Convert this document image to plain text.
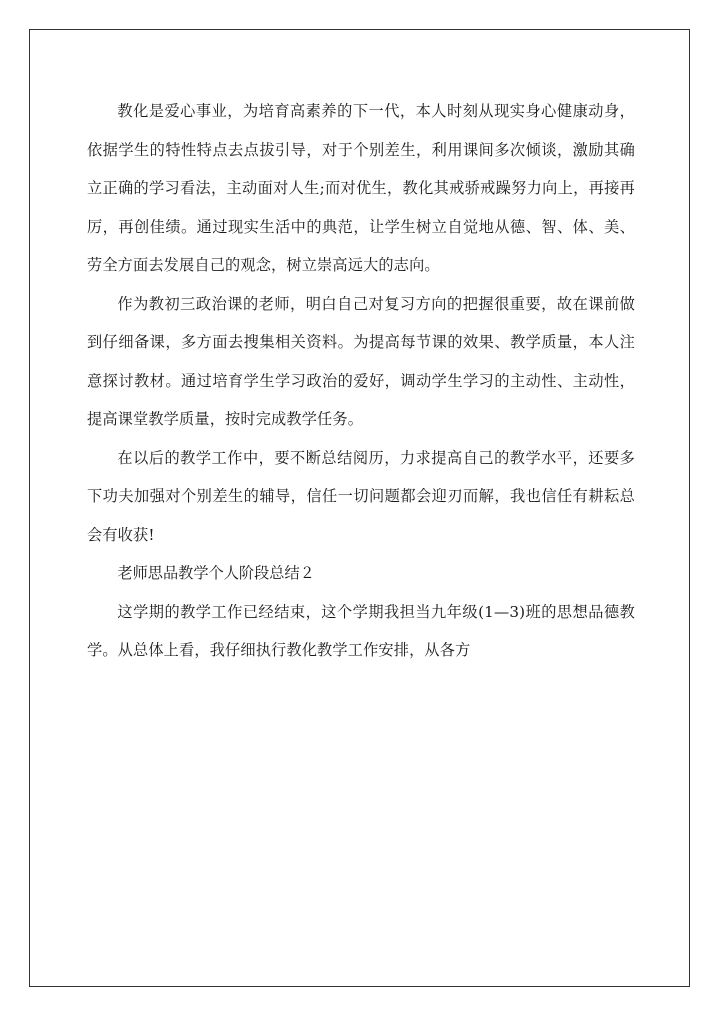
教化是爱心事业，为培育高素养的下一代，本人时刻从现实身心健康动身，依据学生的特性特点去点拔引导，对于个别差生，利用课间多次倾谈，激励其确立正确的学习看法，主动面对人生;而对优生，教化其戒骄戒躁努力向上，再接再厉，再创佳绩。通过现实生活中的典范，让学生树立自觉地从德、智、体、美、劳全方面去发展自己的观念，树立崇高远大的志向。

作为教初三政治课的老师，明白自己对复习方向的把握很重要，故在课前做到仔细备课，多方面去搜集相关资料。为提高每节课的效果、教学质量，本人注意探讨教材。通过培育学生学习政治的爱好，调动学生学习的主动性、主动性，提高课堂教学质量，按时完成教学任务。

在以后的教学工作中，要不断总结阅历，力求提高自己的教学水平，还要多下功夫加强对个别差生的辅导，信任一切问题都会迎刃而解，我也信任有耕耘总会有收获!

老师思品教学个人阶段总结２

这学期的教学工作已经结束，这个学期我担当九年级(1—3)班的思想品德教学。从总体上看，我仔细执行教化教学工作安排，从各方
